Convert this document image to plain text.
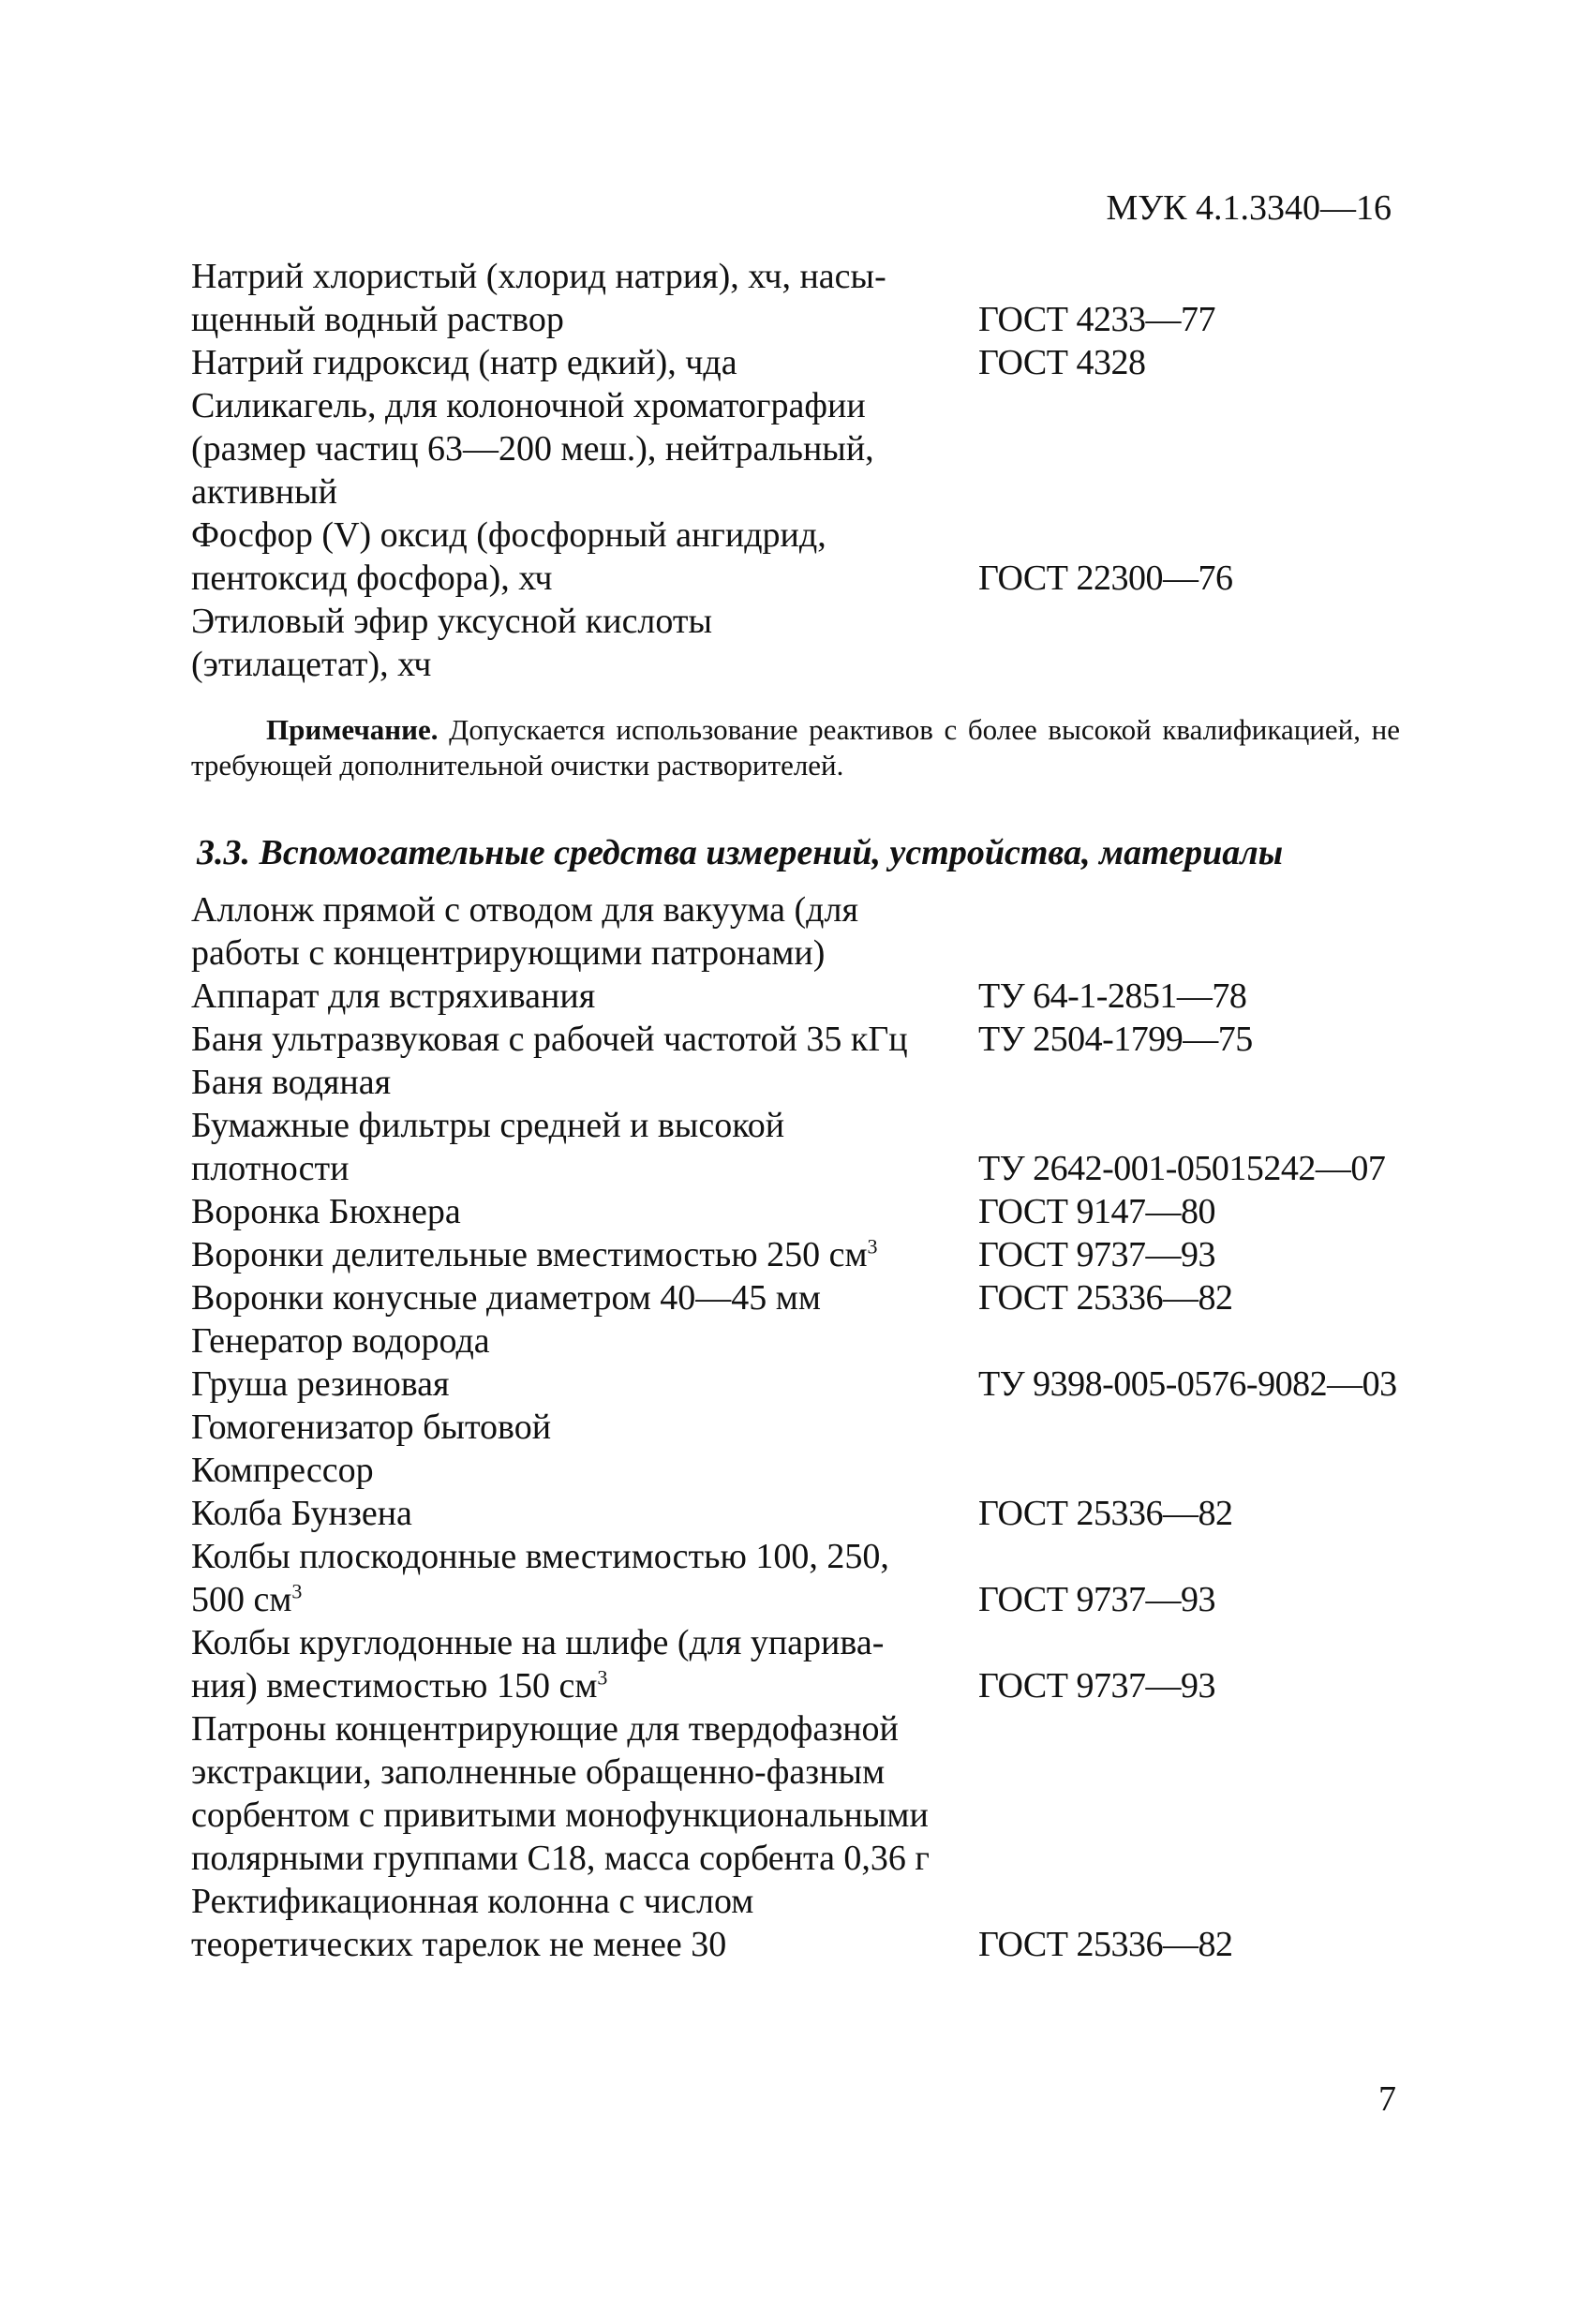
МУК 4.1.3340—16
Натрий хлористый (хлорид натрия), хч, насы-
щенный водный раствор	ГОСТ 4233—77
Натрий гидроксид (натр едкий), чда	ГОСТ 4328
Силикагель, для колоночной хроматографии
(размер частиц 63—200 меш.), нейтральный,
активный
Фосфор (V) оксид (фосфорный ангидрид,
пентоксид фосфора), хч	ГОСТ 22300—76
Этиловый эфир уксусной кислоты
(этилацетат), хч
Примечание. Допускается использование реактивов с более высокой квалификацией, не требующей дополнительной очистки растворителей.
3.3. Вспомогательные средства измерений, устройства, материалы
Аллонж прямой с отводом для вакуума (для
работы с концентрирующими патронами)
Аппарат для встряхивания	ТУ 64-1-2851—78
Баня ультразвуковая с рабочей частотой 35 кГц	ТУ 2504-1799—75
Баня водяная
Бумажные фильтры средней и высокой
плотности	ТУ 2642-001-05015242—07
Воронка Бюхнера	ГОСТ 9147—80
Воронки делительные вместимостью 250 $см^3$	ГОСТ 9737—93
Воронки конусные диаметром 40—45 мм	ГОСТ 25336—82
Генератор водорода
Груша резиновая	ТУ 9398-005-0576-9082—03
Гомогенизатор бытовой
Компрессор
Колба Бунзена	ГОСТ 25336—82
Колбы плоскодонные вместимостью 100, 250,
500 $см^3$	ГОСТ 9737—93
Колбы круглодонные на шлифе (для упарива-
ния) вместимостью 150 $см^3$	ГОСТ 9737—93
Патроны концентрирующие для твердофазной
экстракции, заполненные обращенно-фазным
сорбентом с привитыми монофункциональными
полярными группами С18, масса сорбента 0,36 г
Ректификационная колонна с числом
теоретических тарелок не менее 30	ГОСТ 25336—82
7
